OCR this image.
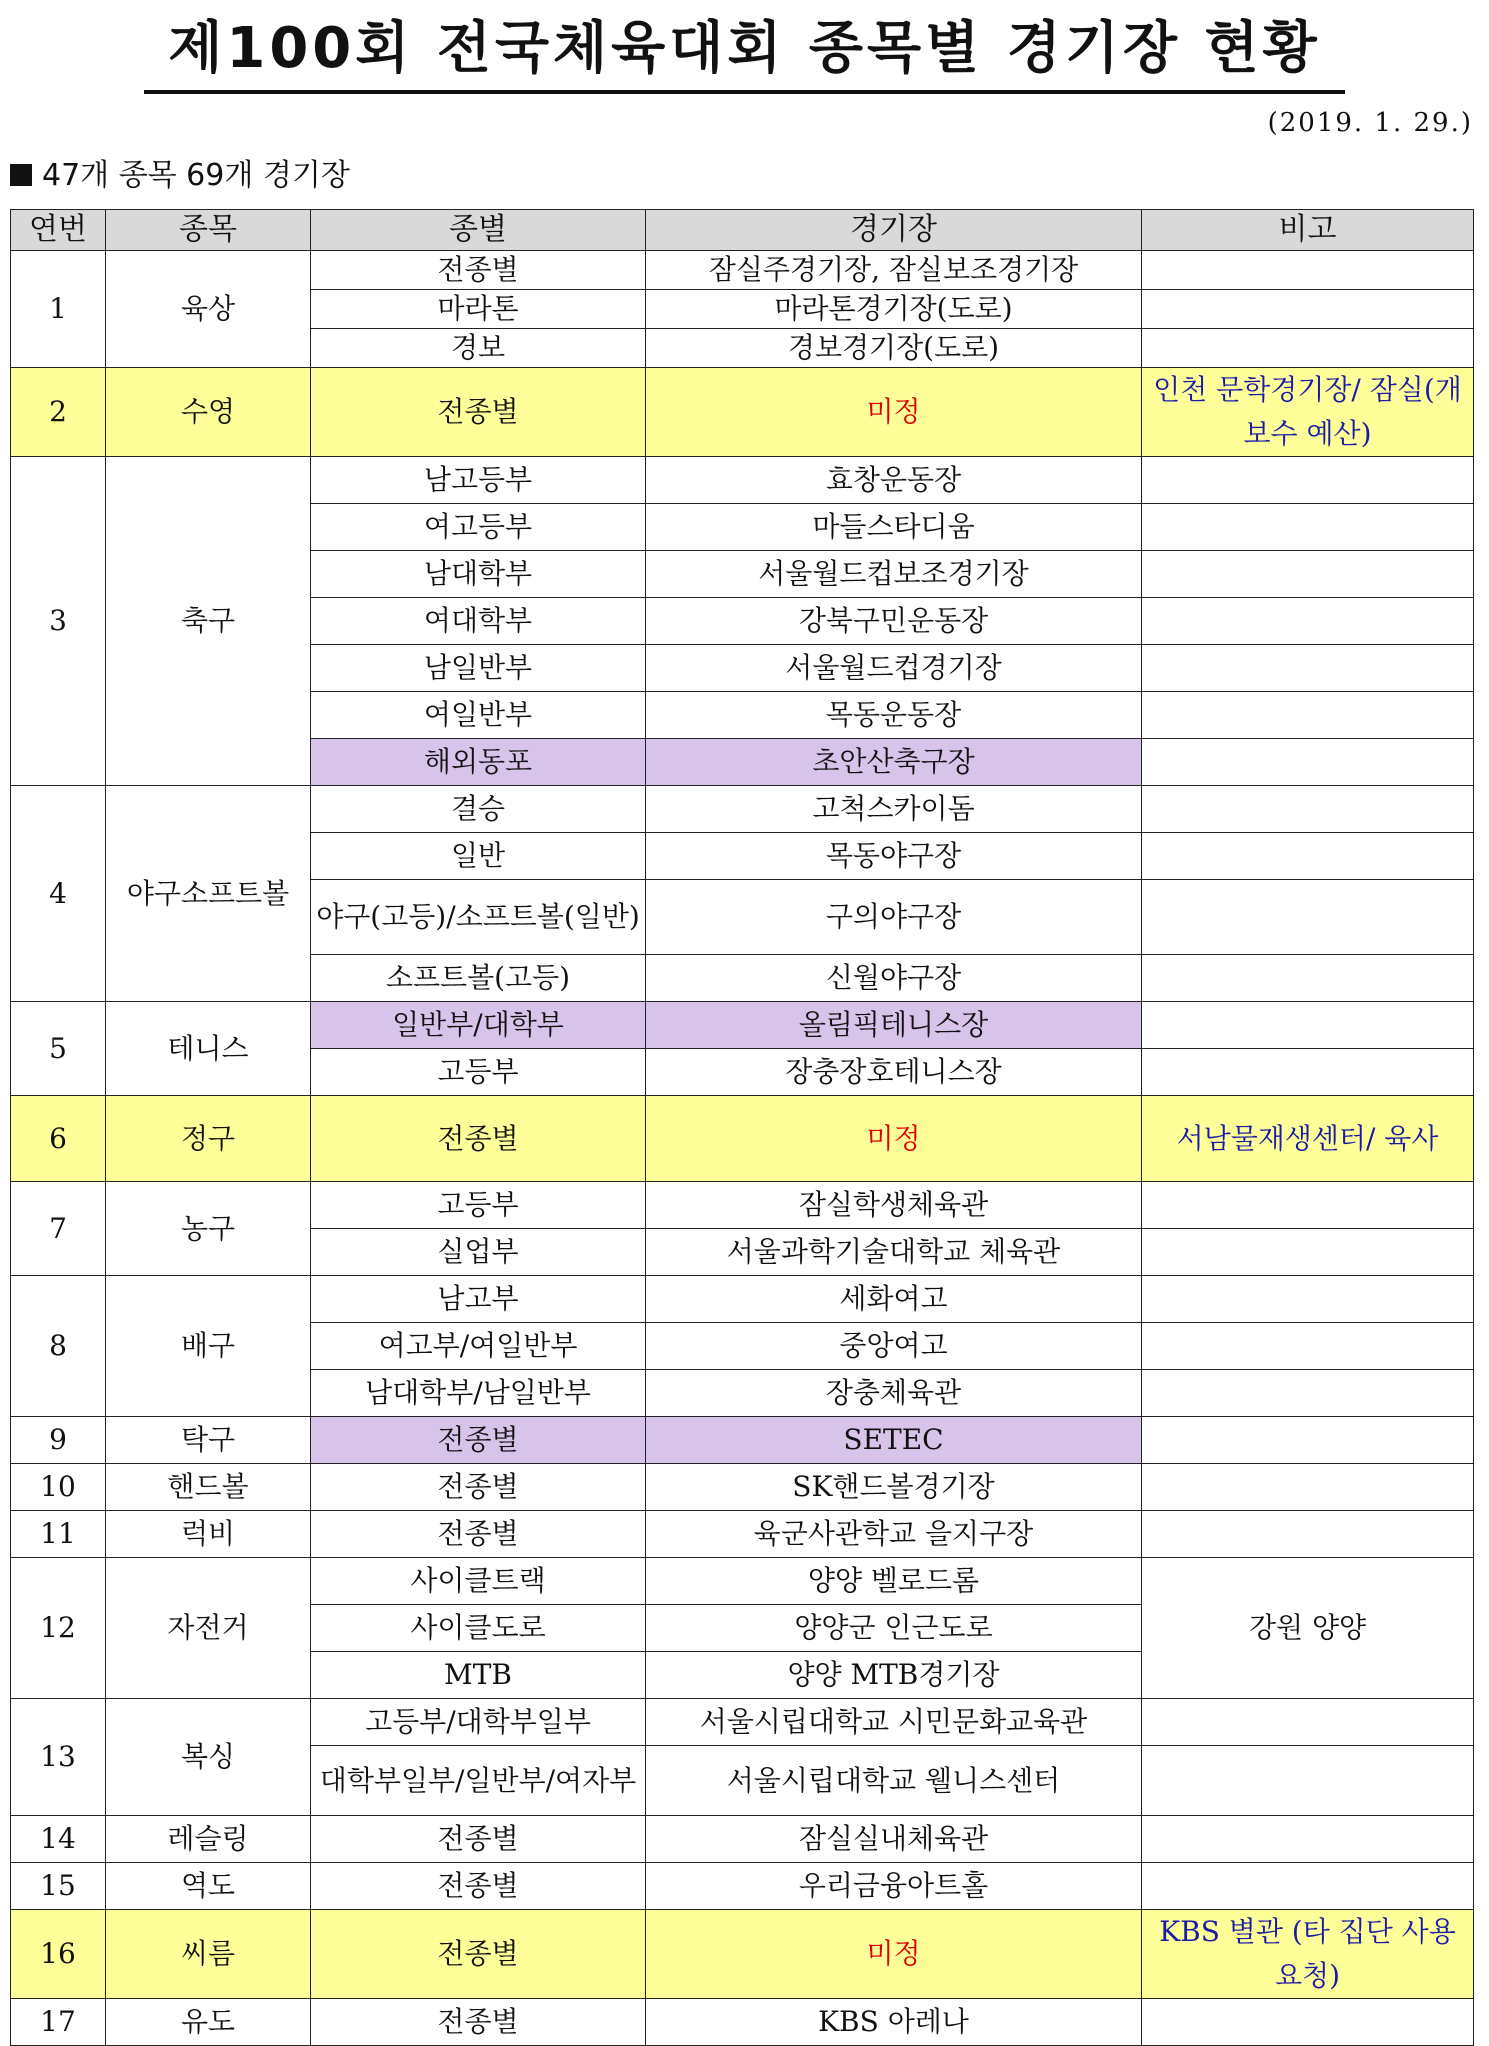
제100회 전국체육대회 종목별 경기장 현황
(2019. 1. 29.)
47개 종목 69개 경기장
연번	종목	종별	경기장	비고
1	육상	전종별	잠실주경기장, 잠실보조경기장	
		마라톤	마라톤경기장(도로)	
		경보	경보경기장(도로)	
2	수영	전종별	미정	인천 문학경기장/ 잠실(개보수 예산)
3	축구	남고등부	효창운동장	
		여고등부	마들스타디움	
		남대학부	서울월드컵보조경기장	
		여대학부	강북구민운동장	
		남일반부	서울월드컵경기장	
		여일반부	목동운동장	
		해외동포	초안산축구장	
4	야구소프트볼	결승	고척스카이돔	
		일반	목동야구장	
		야구(고등)/소프트볼(일반)	구의야구장	
		소프트볼(고등)	신월야구장	
5	테니스	일반부/대학부	올림픽테니스장	
		고등부	장충장호테니스장	
6	정구	전종별	미정	서남물재생센터/ 육사
7	농구	고등부	잠실학생체육관	
		실업부	서울과학기술대학교 체육관	
8	배구	남고부	세화여고	
		여고부/여일반부	중앙여고	
		남대학부/남일반부	장충체육관	
9	탁구	전종별	SETEC	
10	핸드볼	전종별	SK핸드볼경기장	
11	럭비	전종별	육군사관학교 을지구장	
12	자전거	사이클트랙	양양 벨로드롬	강원 양양
		사이클도로	양양군 인근도로	
		MTB	양양 MTB경기장	
13	복싱	고등부/대학부일부	서울시립대학교 시민문화교육관	
		대학부일부/일반부/여자부	서울시립대학교 웰니스센터	
14	레슬링	전종별	잠실실내체육관	
15	역도	전종별	우리금융아트홀	
16	씨름	전종별	미정	KBS 별관 (타 집단 사용요청)
17	유도	전종별	KBS 아레나	
